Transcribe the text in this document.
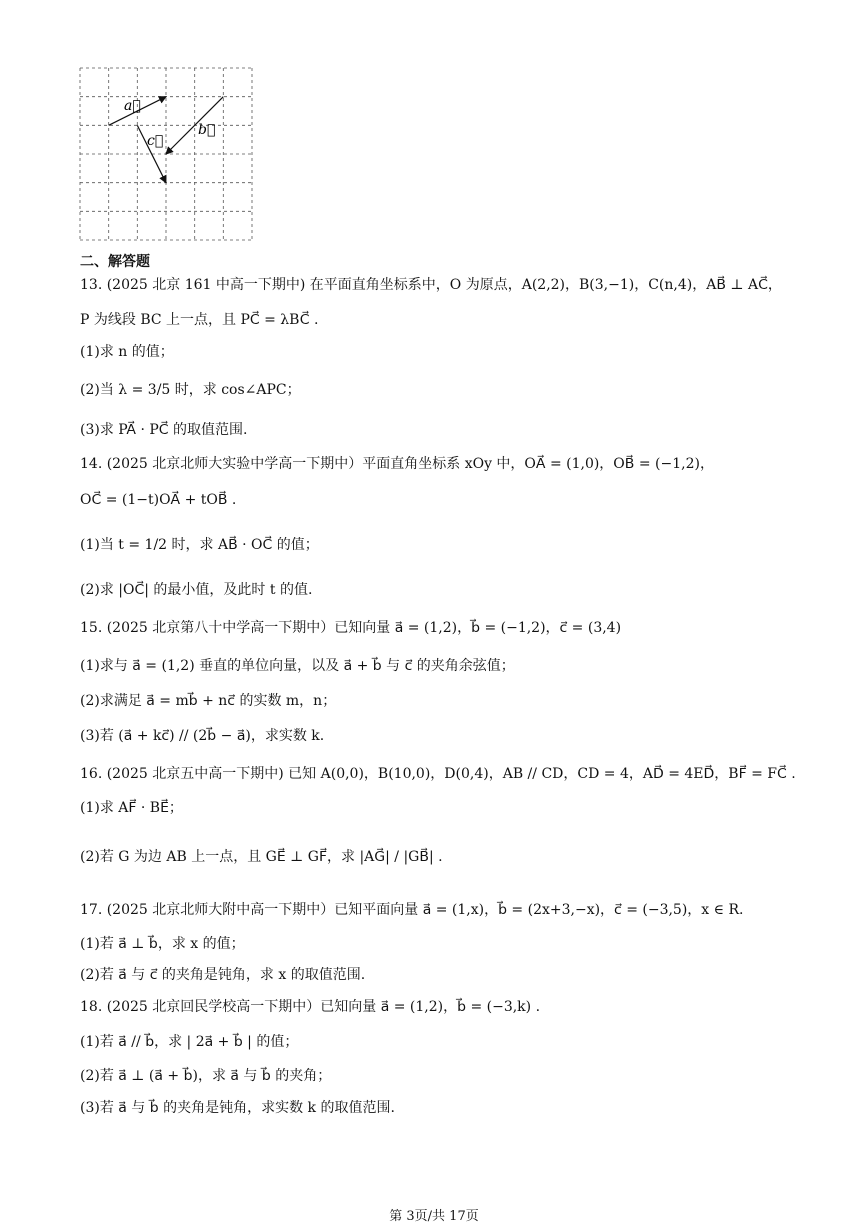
a⃗
b⃗
c⃗
二、解答题
13. (2025 北京 161 中高一下期中) 在平面直角坐标系中，O 为原点，A(2,2)，B(3,−1)，C(n,4)，AB⃗ ⊥ AC⃗，
P 为线段 BC 上一点，且 PC⃗ = λBC⃗ .
(1)求 n 的值；
(2)当 λ = 3/5 时，求 cos∠APC；
(3)求 PA⃗ · PC⃗ 的取值范围.
14. (2025 北京北师大实验中学高一下期中）平面直角坐标系 xOy 中，OA⃗ = (1,0)，OB⃗ = (−1,2)，
OC⃗ = (1−t)OA⃗ + tOB⃗ .
(1)当 t = 1/2 时，求 AB⃗ · OC⃗ 的值；
(2)求 |OC⃗| 的最小值，及此时 t 的值.
15. (2025 北京第八十中学高一下期中）已知向量 a⃗ = (1,2)，b⃗ = (−1,2)，c⃗ = (3,4)
(1)求与 a⃗ = (1,2) 垂直的单位向量，以及 a⃗ + b⃗ 与 c⃗ 的夹角余弦值；
(2)求满足 a⃗ = mb⃗ + nc⃗ 的实数 m，n；
(3)若 (a⃗ + kc⃗) // (2b⃗ − a⃗)，求实数 k.
16. (2025 北京五中高一下期中) 已知 A(0,0)，B(10,0)，D(0,4)，AB // CD，CD = 4，AD⃗ = 4ED⃗，BF⃗ = FC⃗ .
(1)求 AF⃗ · BE⃗；
(2)若 G 为边 AB 上一点，且 GE⃗ ⊥ GF⃗，求 |AG⃗| / |GB⃗| .
17. (2025 北京北师大附中高一下期中）已知平面向量 a⃗ = (1,x)，b⃗ = (2x+3,−x)，c⃗ = (−3,5)，x ∈ R.
(1)若 a⃗ ⊥ b⃗，求 x 的值；
(2)若 a⃗ 与 c⃗ 的夹角是钝角，求 x 的取值范围.
18. (2025 北京回民学校高一下期中）已知向量 a⃗ = (1,2)，b⃗ = (−3,k) .
(1)若 a⃗ // b⃗，求 | 2a⃗ + b⃗ | 的值；
(2)若 a⃗ ⊥ (a⃗ + b⃗)，求 a⃗ 与 b⃗ 的夹角；
(3)若 a⃗ 与 b⃗ 的夹角是钝角，求实数 k 的取值范围.
第 3页/共 17页
